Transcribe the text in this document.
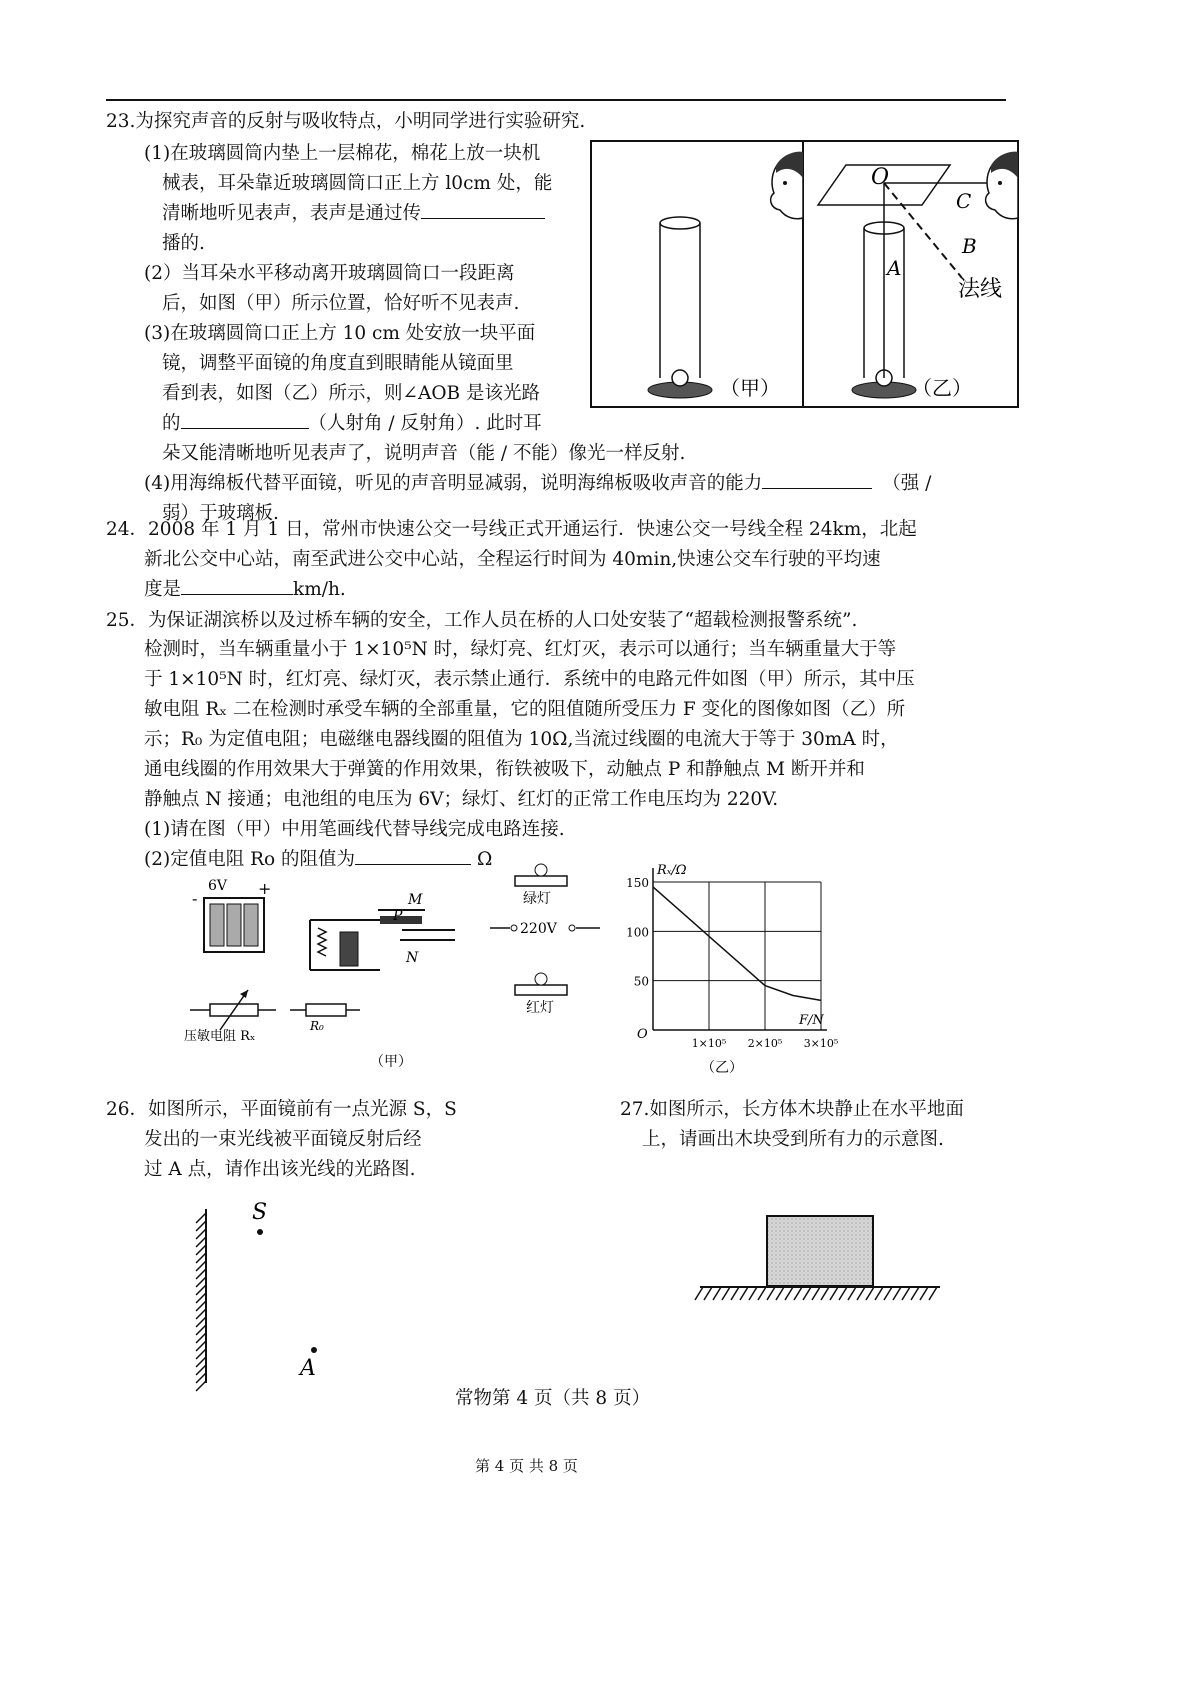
23.为探究声音的反射与吸收特点，小明同学进行实验研究.
(1)在玻璃圆筒内垫上一层棉花，棉花上放一块机
械表，耳朵靠近玻璃圆筒口正上方 l0cm 处，能
清晰地听见表声，表声是通过传
播的.
(2）当耳朵水平移动离开玻璃圆筒口一段距离
后，如图（甲）所示位置，恰好听不见表声.
(3)在玻璃圆筒口正上方 10 cm 处安放一块平面
镜，调整平面镜的角度直到眼睛能从镜面里
看到表，如图（乙）所示，则∠AOB 是该光路
的	（人射角 / 反射角）. 此时耳
朵又能清晰地听见表声了，说明声音（能 / 不能）像光一样反射.
(4)用海绵板代替平面镜，听见的声音明显减弱，说明海绵板吸收声音的能力	（强 /
弱）于玻璃板.
（甲）
O
A
B
C
法线
（乙）
24．2008 年 1 月 1 日，常州市快速公交一号线正式开通运行．快速公交一号线全程 24km，北起
新北公交中心站，南至武进公交中心站，全程运行时间为 40min,快速公交车行驶的平均速
度是	km/h.
25．为保证湖滨桥以及过桥车辆的安全，工作人员在桥的人口处安装了“超载检测报警系统”.
检测时，当车辆重量小于 1×10⁵N 时，绿灯亮、红灯灭，表示可以通行；当车辆重量大于等
于 1×10⁵N 时，红灯亮、绿灯灭，表示禁止通行．系统中的电路元件如图（甲）所示，其中压
敏电阻 Rₓ 二在检测时承受车辆的全部重量，它的阻值随所受压力 F 变化的图像如图（乙）所
示；R₀ 为定值电阻；电磁继电器线圈的阻值为 10Ω,当流过线圈的电流大于等于 30mA 时，
通电线圈的作用效果大于弹簧的作用效果，衔铁被吸下，动触点 P 和静触点 M 断开并和
静触点 N 接通；电池组的电压为 6V；绿灯、红灯的正常工作电压均为 220V.
(1)请在图（甲）中用笔画线代替导线完成电路连接.
(2)定值电阻 Ro 的阻值为	Ω
6V +
-	M
P
N
绿灯
220V
红灯
压敏电阻 Rₓ
R₀
（甲）
50
100
150
1×10⁵ 2×10⁵ 3×10⁵
Rₓ/Ω
F/N
O
（乙）
26．如图所示，平面镜前有一点光源 S，S
发出的一束光线被平面镜反射后经
过 A 点，请作出该光线的光路图.
S
A
27.如图所示，长方体木块静止在水平地面
上，请画出木块受到所有力的示意图.
常物第 4 页（共 8 页）
第 4 页 共 8 页
